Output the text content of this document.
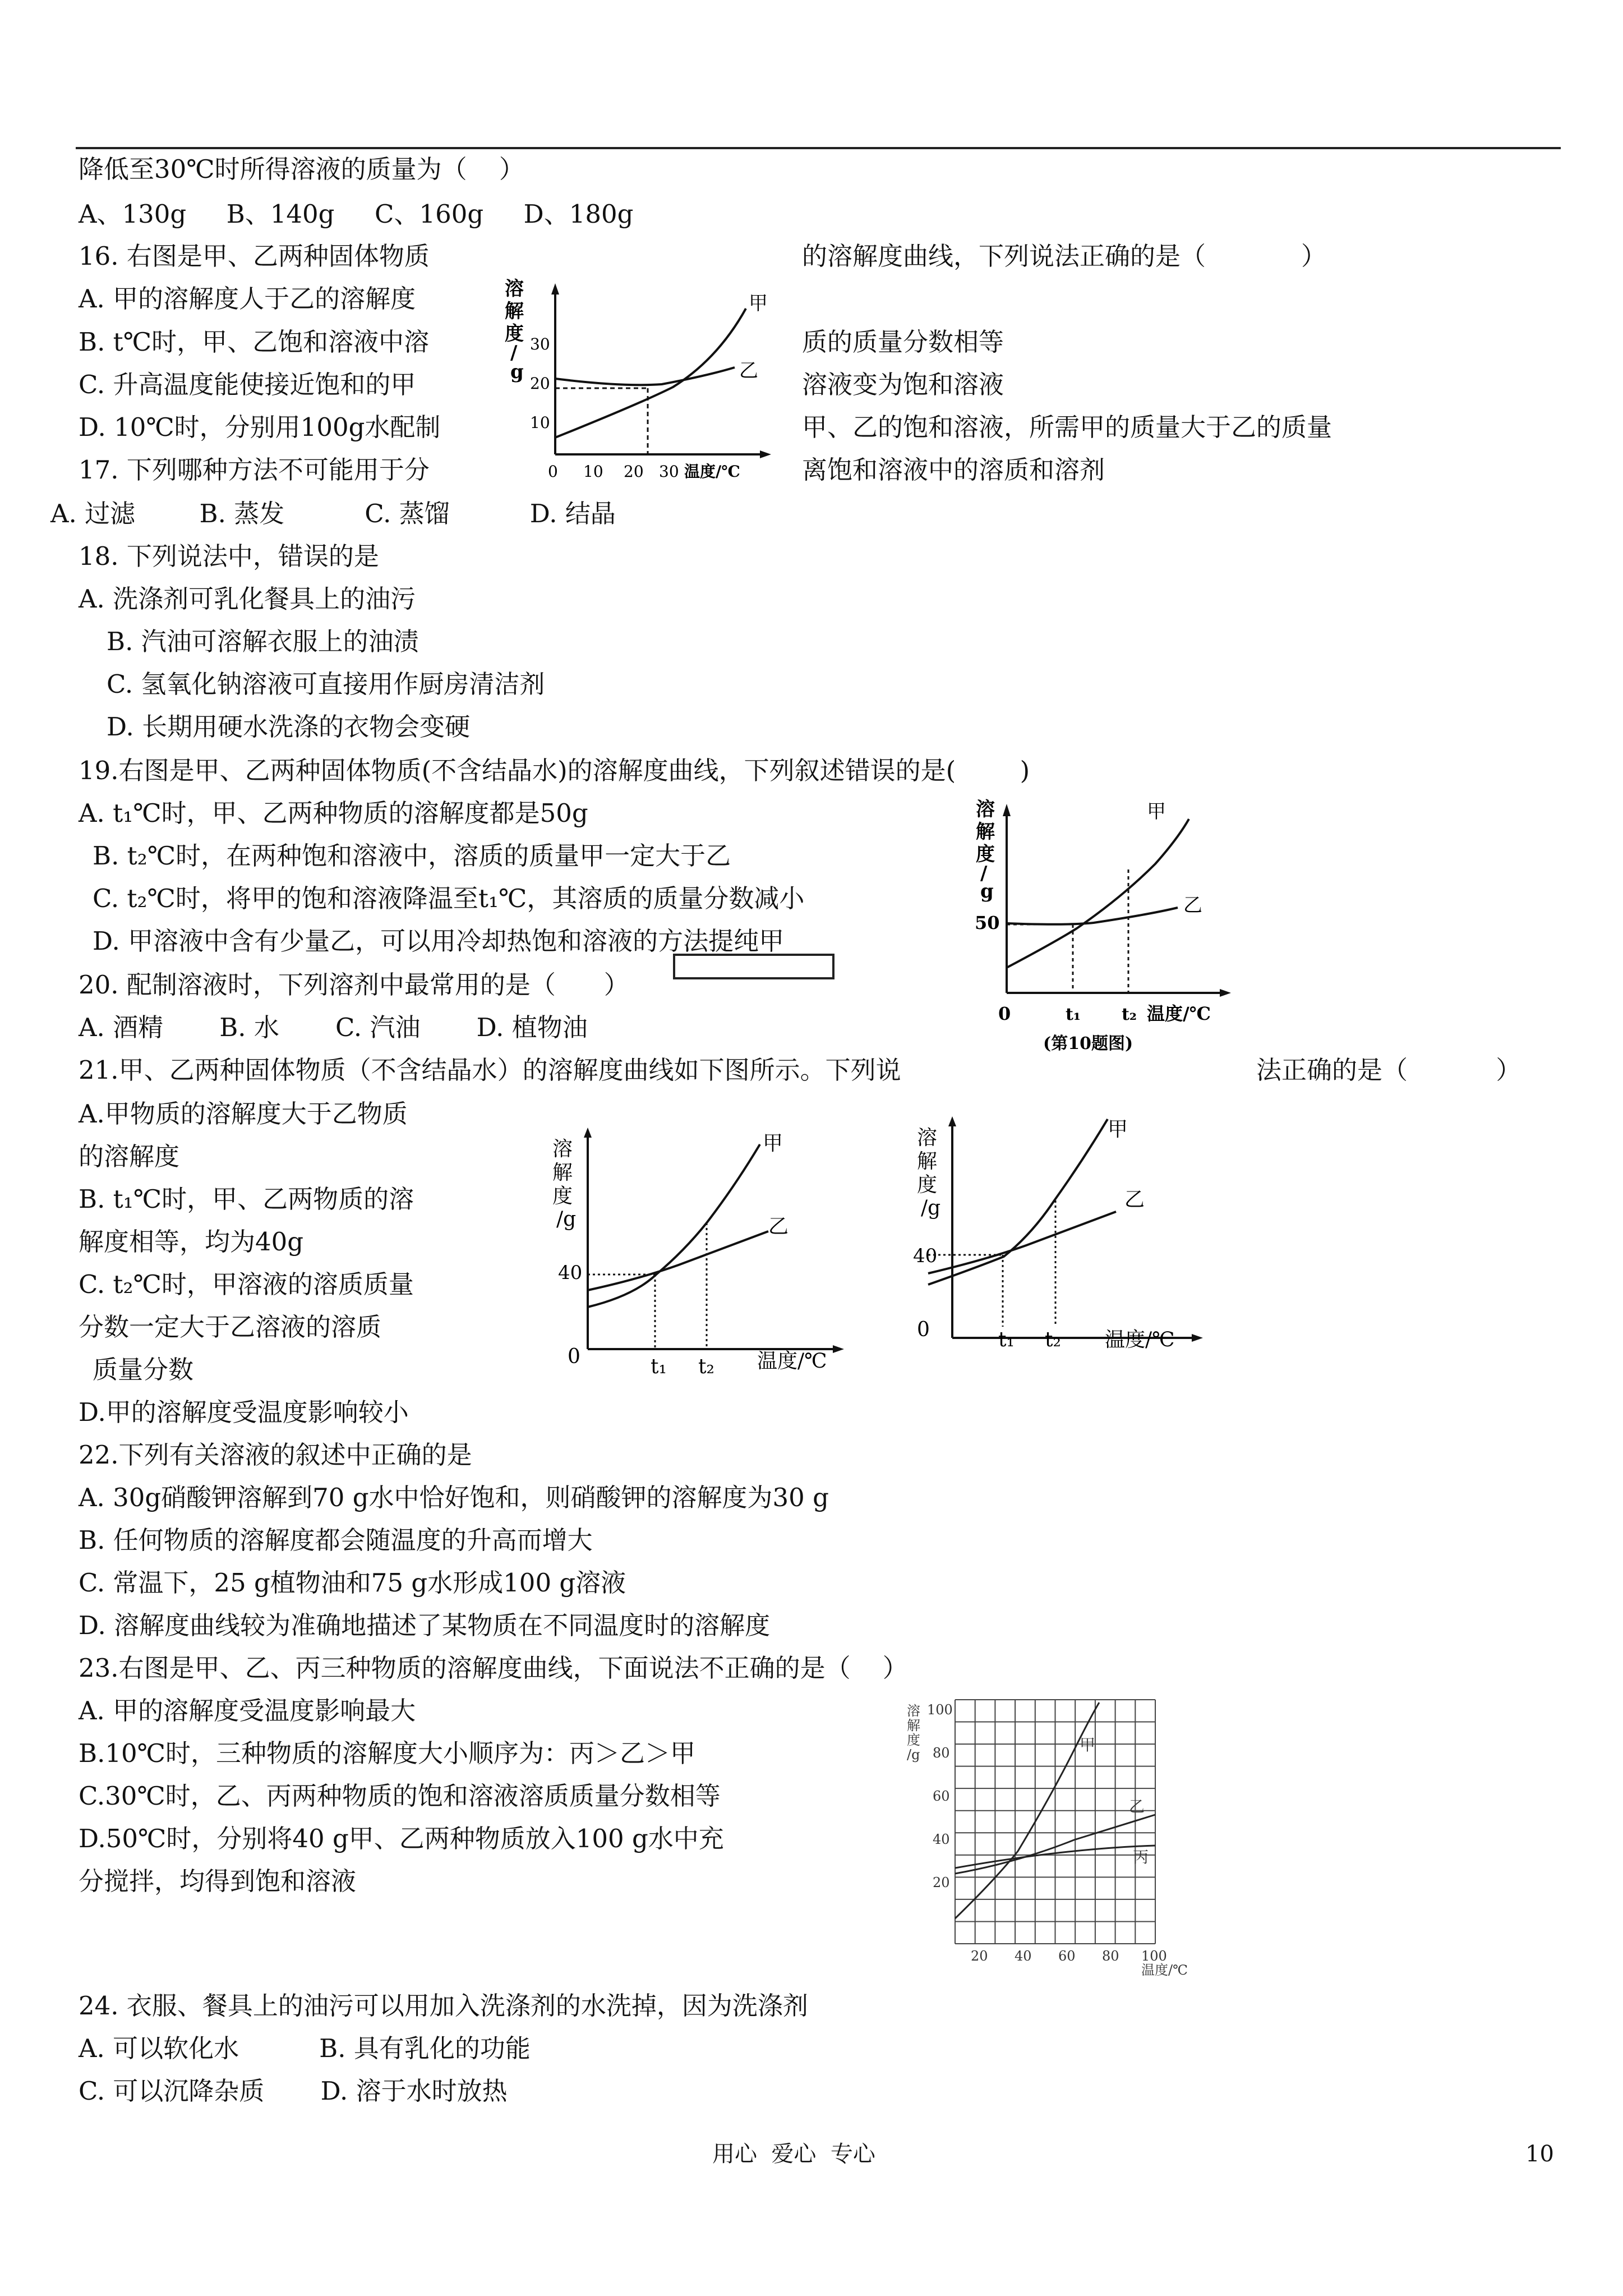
降低至30℃时所得溶液的质量为（    ）
A、130g     B、140g     C、160g     D、180g
16. 右图是甲、乙两种固体物质	的溶解度曲线，下列说法正确的是（	）
A. 甲的溶解度人于乙的溶解度
B. t℃时，甲、乙饱和溶液中溶	质的质量分数相等
C. 升高温度能使接近饱和的甲	溶液变为饱和溶液
D. 10℃时，分别用100g水配制	甲、乙的饱和溶液，所需甲的质量大于乙的质量
17. 下列哪种方法不可能用于分	离饱和溶液中的溶质和溶剂
A. 过滤        B. 蒸发          C. 蒸馏          D. 结晶
18. 下列说法中，错误的是
A. 洗涤剂可乳化餐具上的油污
B. 汽油可溶解衣服上的油渍
C. 氢氧化钠溶液可直接用作厨房清洁剂
D. 长期用硬水洗涤的衣物会变硬
19.右图是甲、乙两种固体物质(不含结晶水)的溶解度曲线，下列叙述错误的是(        )
A. t₁℃时，甲、乙两种物质的溶解度都是50g
B. t₂℃时，在两种饱和溶液中，溶质的质量甲一定大于乙
C. t₂℃时，将甲的饱和溶液降温至t₁℃，其溶质的质量分数减小
D. 甲溶液中含有少量乙，可以用冷却热饱和溶液的方法提纯甲
20. 配制溶液时，下列溶剂中最常用的是（      ）
A. 酒精       B. 水       C. 汽油       D. 植物油
21.甲、乙两种固体物质（不含结晶水）的溶解度曲线如下图所示。下列说	法正确的是（           ）
A.甲物质的溶解度大于乙物质
的溶解度
B. t₁℃时，甲、乙两物质的溶
解度相等，均为40g
C. t₂℃时，甲溶液的溶质质量
分数一定大于乙溶液的溶质
质量分数
D.甲的溶解度受温度影响较小
22.下列有关溶液的叙述中正确的是
A. 30g硝酸钾溶解到70 g水中恰好饱和，则硝酸钾的溶解度为30 g
B. 任何物质的溶解度都会随温度的升高而增大
C. 常温下，25 g植物油和75 g水形成100 g溶液
D. 溶解度曲线较为准确地描述了某物质在不同温度时的溶解度
23.右图是甲、乙、丙三种物质的溶解度曲线，下面说法不正确的是（    ）
A. 甲的溶解度受温度影响最大
B.10℃时，三种物质的溶解度大小顺序为：丙＞乙＞甲
C.30℃时，乙、丙两种物质的饱和溶液溶质质量分数相等
D.50℃时，分别将40 g甲、乙两种物质放入100 g水中充
分搅拌，均得到饱和溶液
24. 衣服、餐具上的油污可以用加入洗涤剂的水洗掉，因为洗涤剂
A. 可以软化水          B. 具有乳化的功能
C. 可以沉降杂质       D. 溶于水时放热
溶
解
度
/
g
30
20
10
0 10 20 30 温度/℃
甲
乙
溶
解
度
/
g
50
0	t₁ t₂ 温度/℃
(第10题图)
甲
乙
溶
解
度
/g
40
0	t₁ t₂ 温度/℃
甲
乙
溶
解
度
/g
40
0	t₁ t₂ 温度/℃
甲
乙
溶
解
度
/g
100
80
60
40
20
20 40 60 80 100
温度/℃
甲
乙
丙
用心  爱心  专心	10
